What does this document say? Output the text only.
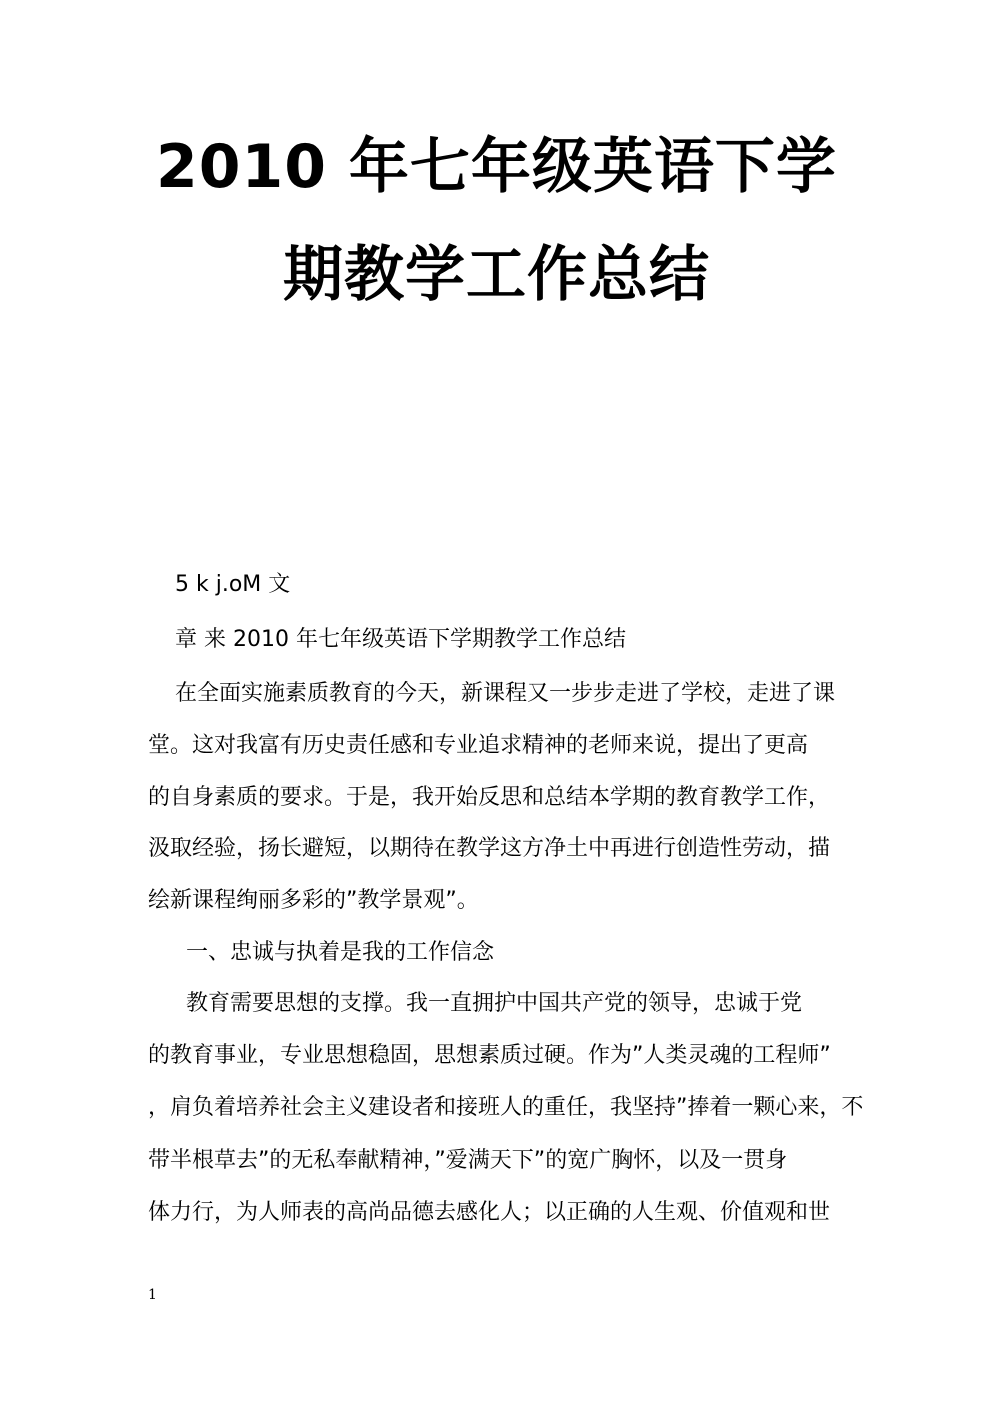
2010 年七年级英语下学
期教学工作总结
5 k j.oM 文
章 来 2010 年七年级英语下学期教学工作总结
在全面实施素质教育的今天，新课程又一步步走进了学校，走进了课
堂。这对我富有历史责任感和专业追求精神的老师来说，提出了更高
的自身素质的要求。于是，我开始反思和总结本学期的教育教学工作，
汲取经验，扬长避短，以期待在教学这方净土中再进行创造性劳动，描
绘新课程绚丽多彩的”教学景观”。
一、忠诚与执着是我的工作信念
教育需要思想的支撑。我一直拥护中国共产党的领导，忠诚于党
的教育事业，专业思想稳固，思想素质过硬。作为”人类灵魂的工程师”
，肩负着培养社会主义建设者和接班人的重任，我坚持”捧着一颗心来，不
带半根草去”的无私奉献精神，”爱满天下”的宽广胸怀，以及一贯身
体力行，为人师表的高尚品德去感化人；以正确的人生观、价值观和世
1
